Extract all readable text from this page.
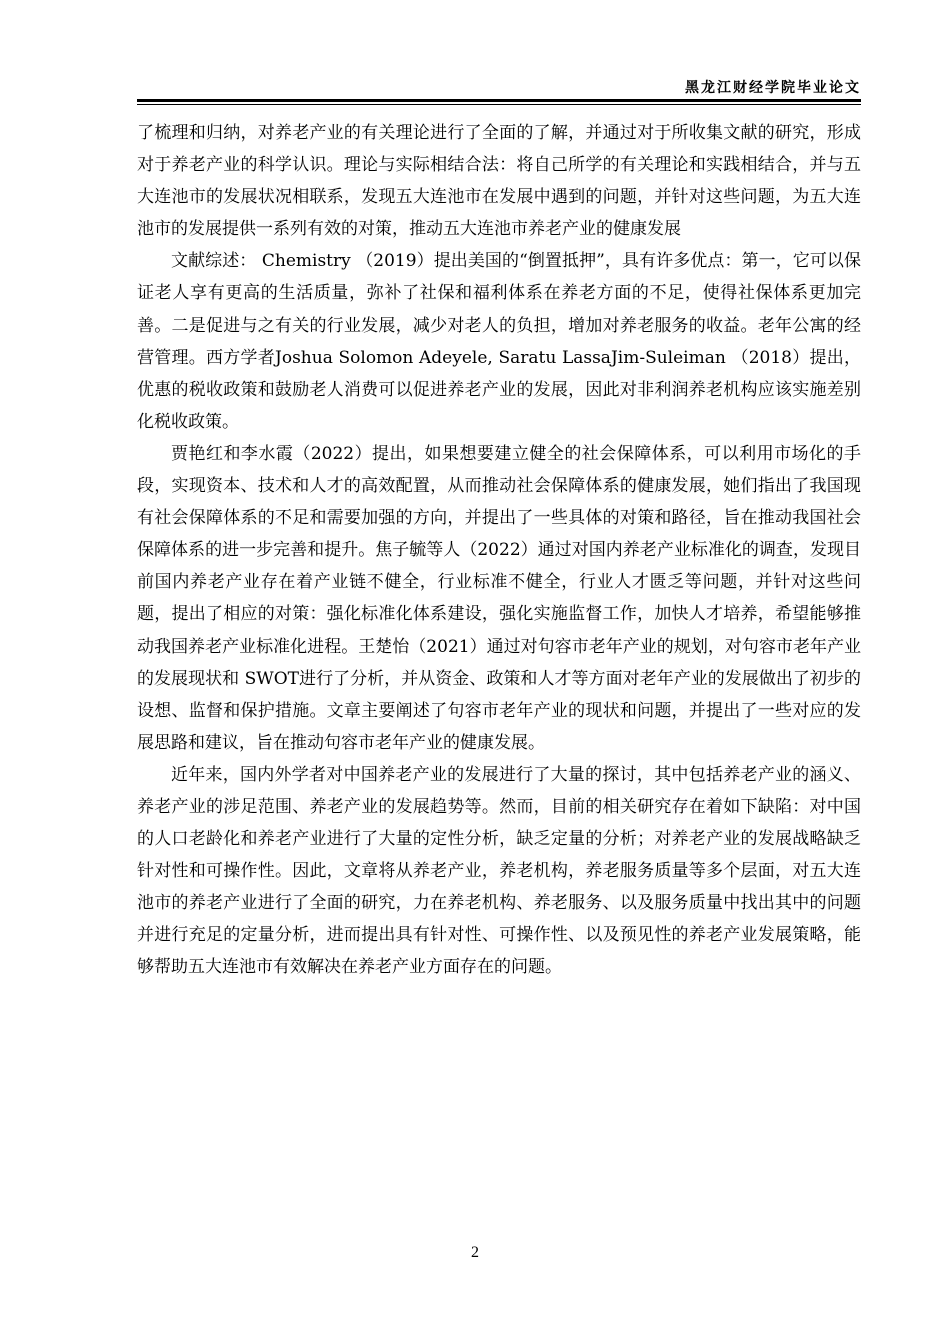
黑龙江财经学院毕业论文

了梳理和归纳，对养老产业的有关理论进行了全面的了解，并通过对于所收集文献的研究，形成对于养老产业的科学认识。理论与实际相结合法：将自己所学的有关理论和实践相结合，并与五大连池市的发展状况相联系，发现五大连池市在发展中遇到的问题，并针对这些问题，为五大连池市的发展提供一系列有效的对策，推动五大连池市养老产业的健康发展

文献综述： Chemistry （2019）提出美国的“倒置抵押”，具有许多优点：第一，它可以保证老人享有更高的生活质量，弥补了社保和福利体系在养老方面的不足，使得社保体系更加完善。二是促进与之有关的行业发展，减少对老人的负担，增加对养老服务的收益。老年公寓的经营管理。西方学者Joshua Solomon Adeyele, Saratu LassaJim-Suleiman （2018）提出，优惠的税收政策和鼓励老人消费可以促进养老产业的发展，因此对非利润养老机构应该实施差别化税收政策。

贾艳红和李水霞（2022）提出，如果想要建立健全的社会保障体系，可以利用市场化的手段，实现资本、技术和人才的高效配置，从而推动社会保障体系的健康发展，她们指出了我国现有社会保障体系的不足和需要加强的方向，并提出了一些具体的对策和路径，旨在推动我国社会保障体系的进一步完善和提升。焦子毓等人（2022）通过对国内养老产业标准化的调查，发现目前国内养老产业存在着产业链不健全，行业标准不健全，行业人才匮乏等问题，并针对这些问题，提出了相应的对策：强化标准化体系建设，强化实施监督工作，加快人才培养，希望能够推动我国养老产业标准化进程。王楚怡（2021）通过对句容市老年产业的规划，对句容市老年产业的发展现状和 SWOT进行了分析，并从资金、政策和人才等方面对老年产业的发展做出了初步的设想、监督和保护措施。文章主要阐述了句容市老年产业的现状和问题，并提出了一些对应的发展思路和建议，旨在推动句容市老年产业的健康发展。

近年来，国内外学者对中国养老产业的发展进行了大量的探讨，其中包括养老产业的涵义、养老产业的涉足范围、养老产业的发展趋势等。然而，目前的相关研究存在着如下缺陷：对中国的人口老龄化和养老产业进行了大量的定性分析，缺乏定量的分析；对养老产业的发展战略缺乏针对性和可操作性。因此，文章将从养老产业，养老机构，养老服务质量等多个层面，对五大连池市的养老产业进行了全面的研究，力在养老机构、养老服务、以及服务质量中找出其中的问题并进行充足的定量分析，进而提出具有针对性、可操作性、以及预见性的养老产业发展策略，能够帮助五大连池市有效解决在养老产业方面存在的问题。

2
